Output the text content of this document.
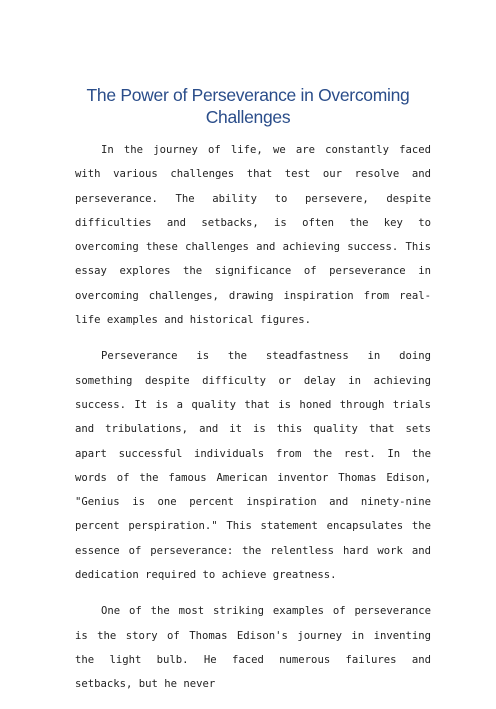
The Power of Perseverance in Overcoming Challenges

In the journey of life, we are constantly faced with various challenges that test our resolve and perseverance. The ability to persevere, despite difficulties and setbacks, is often the key to overcoming these challenges and achieving success. This essay explores the significance of perseverance in overcoming challenges, drawing inspiration from real-life examples and historical figures.

Perseverance is the steadfastness in doing something despite difficulty or delay in achieving success. It is a quality that is honed through trials and tribulations, and it is this quality that sets apart successful individuals from the rest. In the words of the famous American inventor Thomas Edison, "Genius is one percent inspiration and ninety-nine percent perspiration." This statement encapsulates the essence of perseverance: the relentless hard work and dedication required to achieve greatness.

One of the most striking examples of perseverance is the story of Thomas Edison's journey in inventing the light bulb. He faced numerous failures and setbacks, but he never
